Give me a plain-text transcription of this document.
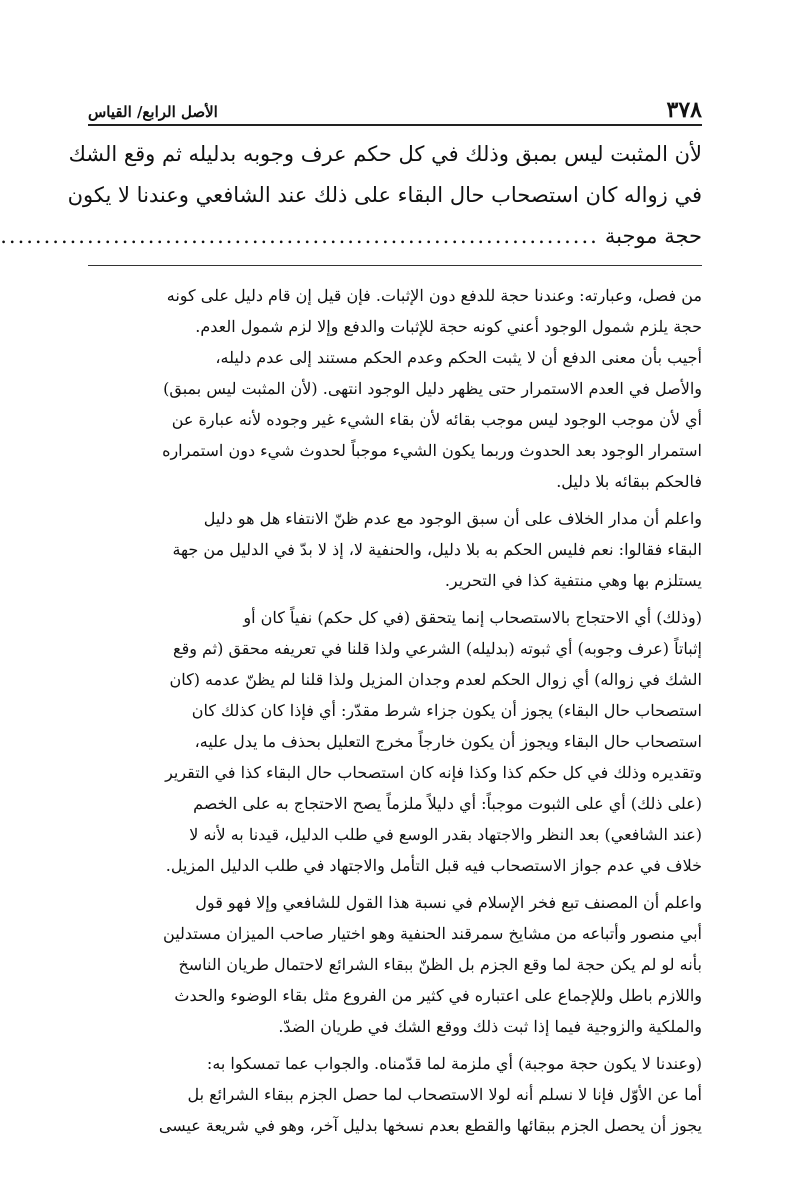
٣٧٨
الأصل الرابع/ القياس

لأن المثبت ليس بمبق وذلك في كل حكم عرف وجوبه بدليله ثم وقع الشك

في زواله كان استصحاب حال البقاء على ذلك عند الشافعي وعندنا لا يكون

حجة موجبة
.....................................................................

من فصل، وعبارته: وعندنا حجة للدفع دون الإثبات. فإن قيل إن قام دليل على كونه

حجة يلزم شمول الوجود أعني كونه حجة للإثبات والدفع وإلا لزم شمول العدم.

أجيب بأن معنى الدفع أن لا يثبت الحكم وعدم الحكم مستند إلى عدم دليله،

والأصل في العدم الاستمرار حتى يظهر دليل الوجود انتهى. (لأن المثبت ليس بمبق)

أي لأن موجب الوجود ليس موجب بقائه لأن بقاء الشيء غير وجوده لأنه عبارة عن

استمرار الوجود بعد الحدوث وربما يكون الشيء موجباً لحدوث شيء دون استمراره

فالحكم ببقائه بلا دليل.

واعلم أن مدار الخلاف على أن سبق الوجود مع عدم ظنّ الانتفاء هل هو دليل

البقاء فقالوا: نعم فليس الحكم به بلا دليل، والحنفية لا، إذ لا بدّ في الدليل من جهة

يستلزم بها وهي منتفية كذا في التحرير.

(وذلك) أي الاحتجاج بالاستصحاب إنما يتحقق (في كل حكم) نفياً كان أو

إثباتاً (عرف وجوبه) أي ثبوته (بدليله) الشرعي ولذا قلنا في تعريفه محقق (ثم وقع

الشك في زواله) أي زوال الحكم لعدم وجدان المزيل ولذا قلنا لم يظنّ عدمه (كان

استصحاب حال البقاء) يجوز أن يكون جزاء شرط مقدّر: أي فإذا كان كذلك كان

استصحاب حال البقاء ويجوز أن يكون خارجاً مخرج التعليل بحذف ما يدل عليه،

وتقديره وذلك في كل حكم كذا وكذا فإنه كان استصحاب حال البقاء كذا في التقرير

(على ذلك) أي على الثبوت موجباً: أي دليلاً ملزماً يصح الاحتجاج به على الخصم

(عند الشافعي) بعد النظر والاجتهاد بقدر الوسع في طلب الدليل، قيدنا به لأنه لا

خلاف في عدم جواز الاستصحاب فيه قبل التأمل والاجتهاد في طلب الدليل المزيل.

واعلم أن المصنف تبع فخر الإسلام في نسبة هذا القول للشافعي وإلا فهو قول

أبي منصور وأتباعه من مشايخ سمرقند الحنفية وهو اختيار صاحب الميزان مستدلين

بأنه لو لم يكن حجة لما وقع الجزم بل الظنّ ببقاء الشرائع لاحتمال طريان الناسخ

واللازم باطل وللإجماع على اعتباره في كثير من الفروع مثل بقاء الوضوء والحدث

والملكية والزوجية فيما إذا ثبت ذلك ووقع الشك في طريان الضدّ.

(وعندنا لا يكون حجة موجبة) أي ملزمة لما قدّمناه. والجواب عما تمسكوا به:

أما عن الأوّل فإنا لا نسلم أنه لولا الاستصحاب لما حصل الجزم ببقاء الشرائع بل

يجوز أن يحصل الجزم ببقائها والقطع بعدم نسخها بدليل آخر، وهو في شريعة عيسى
